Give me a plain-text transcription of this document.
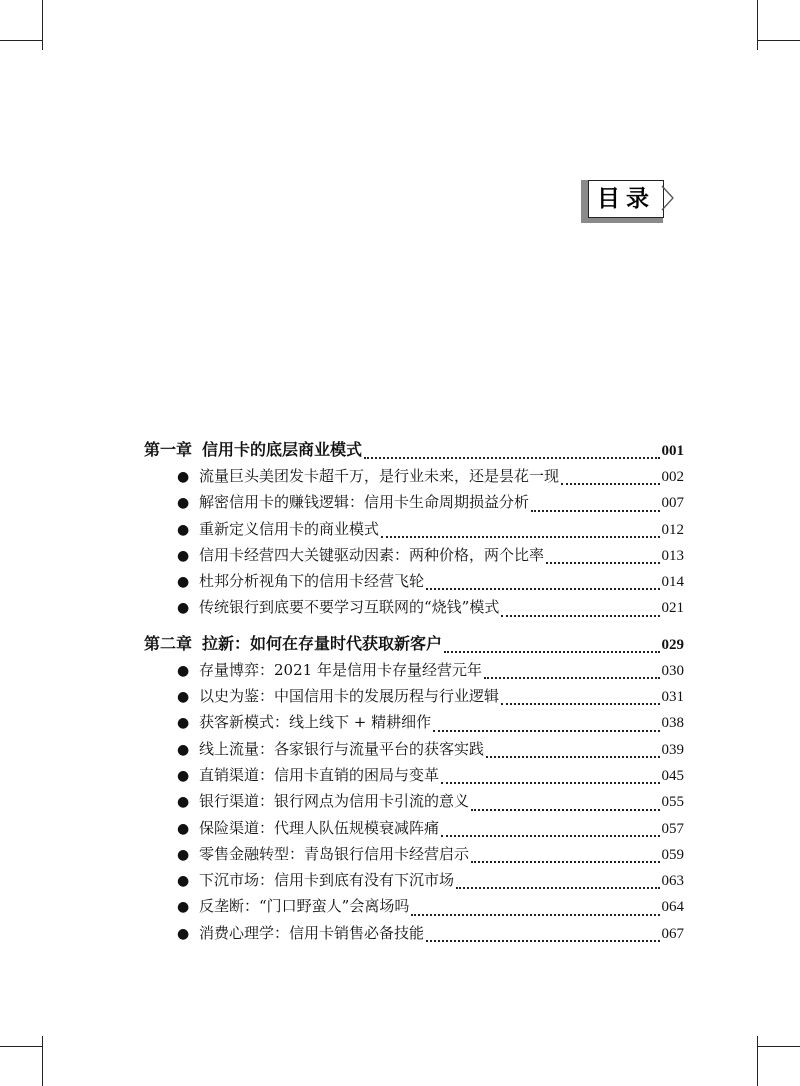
目录
第一章 信用卡的底层商业模式	001
● 流量巨头美团发卡超千万，是行业未来，还是昙花一现	002
● 解密信用卡的赚钱逻辑：信用卡生命周期损益分析	007
● 重新定义信用卡的商业模式	012
● 信用卡经营四大关键驱动因素：两种价格，两个比率	013
● 杜邦分析视角下的信用卡经营飞轮	014
● 传统银行到底要不要学习互联网的“烧钱”模式	021
第二章 拉新：如何在存量时代获取新客户	029
● 存量博弈：2021 年是信用卡存量经营元年	030
● 以史为鉴：中国信用卡的发展历程与行业逻辑	031
● 获客新模式：线上线下 + 精耕细作	038
● 线上流量：各家银行与流量平台的获客实践	039
● 直销渠道：信用卡直销的困局与变革	045
● 银行渠道：银行网点为信用卡引流的意义	055
● 保险渠道：代理人队伍规模衰减阵痛	057
● 零售金融转型：青岛银行信用卡经营启示	059
● 下沉市场：信用卡到底有没有下沉市场	063
● 反垄断：“门口野蛮人”会离场吗	064
● 消费心理学：信用卡销售必备技能	067
